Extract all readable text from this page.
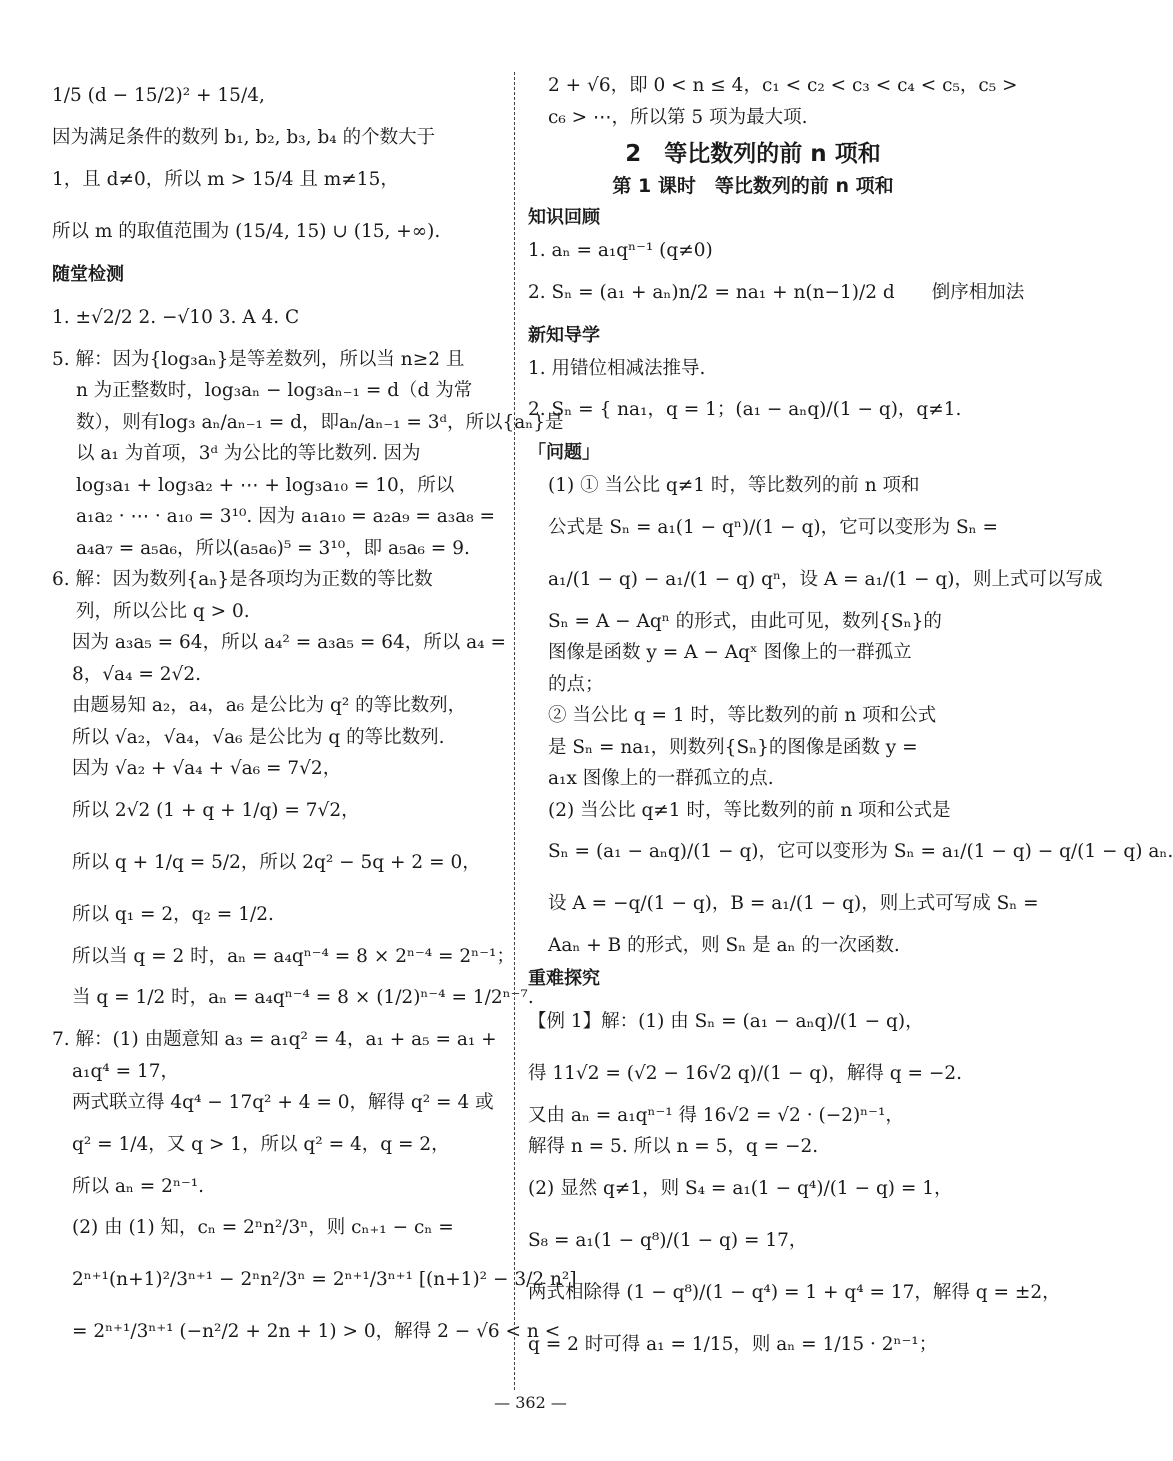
1/5 (d − 15/2)² + 15/4,
因为满足条件的数列 b₁, b₂, b₃, b₄ 的个数大于
1，且 d≠0，所以 m > 15/4 且 m≠15，
所以 m 的取值范围为 (15/4, 15) ∪ (15, +∞).
随堂检测
1. ±√2/2 2. −√10 3. A 4. C
5. 解：因为{log₃aₙ}是等差数列，所以当 n≥2 且
n 为正整数时，log₃aₙ − log₃aₙ₋₁ = d（d 为常
数），则有log₃ aₙ/aₙ₋₁ = d，即aₙ/aₙ₋₁ = 3ᵈ，所以{aₙ}是
以 a₁ 为首项，3ᵈ 为公比的等比数列. 因为
log₃a₁ + log₃a₂ + ⋯ + log₃a₁₀ = 10，所以
a₁a₂ · ⋯ · a₁₀ = 3¹⁰. 因为 a₁a₁₀ = a₂a₉ = a₃a₈ =
a₄a₇ = a₅a₆，所以(a₅a₆)⁵ = 3¹⁰，即 a₅a₆ = 9.
6. 解：因为数列{aₙ}是各项均为正数的等比数
列，所以公比 q > 0.
因为 a₃a₅ = 64，所以 a₄² = a₃a₅ = 64，所以 a₄ =
8，√a₄ = 2√2.
由题易知 a₂，a₄，a₆ 是公比为 q² 的等比数列，
所以 √a₂，√a₄，√a₆ 是公比为 q 的等比数列.
因为 √a₂ + √a₄ + √a₆ = 7√2，
所以 2√2 (1 + q + 1/q) = 7√2，
所以 q + 1/q = 5/2，所以 2q² − 5q + 2 = 0，
所以 q₁ = 2，q₂ = 1/2.
所以当 q = 2 时，aₙ = a₄qⁿ⁻⁴ = 8 × 2ⁿ⁻⁴ = 2ⁿ⁻¹；
当 q = 1/2 时，aₙ = a₄qⁿ⁻⁴ = 8 × (1/2)ⁿ⁻⁴ = 1/2ⁿ⁻⁷.
7. 解：(1) 由题意知 a₃ = a₁q² = 4，a₁ + a₅ = a₁ +
a₁q⁴ = 17，
两式联立得 4q⁴ − 17q² + 4 = 0，解得 q² = 4 或
q² = 1/4，又 q > 1，所以 q² = 4，q = 2，
所以 aₙ = 2ⁿ⁻¹.
(2) 由 (1) 知，cₙ = 2ⁿn²/3ⁿ，则 cₙ₊₁ − cₙ =
2ⁿ⁺¹(n+1)²/3ⁿ⁺¹ − 2ⁿn²/3ⁿ = 2ⁿ⁺¹/3ⁿ⁺¹ [(n+1)² − 3/2 n²]
= 2ⁿ⁺¹/3ⁿ⁺¹ (−n²/2 + 2n + 1) > 0，解得 2 − √6 < n <
2 + √6，即 0 < n ≤ 4，c₁ < c₂ < c₃ < c₄ < c₅，c₅ >
c₆ > ⋯，所以第 5 项为最大项.
2　等比数列的前 n 项和
第 1 课时　等比数列的前 n 项和
知识回顾
1. aₙ = a₁qⁿ⁻¹ (q≠0)
2. Sₙ = (a₁ + aₙ)n/2 = na₁ + n(n−1)/2 d　　倒序相加法
新知导学
1. 用错位相减法推导.
2. Sₙ = { na₁，q = 1；(a₁ − aₙq)/(1 − q)，q≠1.
「问题」
(1) ① 当公比 q≠1 时，等比数列的前 n 项和
公式是 Sₙ = a₁(1 − qⁿ)/(1 − q)，它可以变形为 Sₙ =
a₁/(1 − q) − a₁/(1 − q) qⁿ，设 A = a₁/(1 − q)，则上式可以写成
Sₙ = A − Aqⁿ 的形式，由此可见，数列{Sₙ}的
图像是函数 y = A − Aqˣ 图像上的一群孤立
的点；
② 当公比 q = 1 时，等比数列的前 n 项和公式
是 Sₙ = na₁，则数列{Sₙ}的图像是函数 y =
a₁x 图像上的一群孤立的点.
(2) 当公比 q≠1 时，等比数列的前 n 项和公式是
Sₙ = (a₁ − aₙq)/(1 − q)，它可以变形为 Sₙ = a₁/(1 − q) − q/(1 − q) aₙ.
设 A = −q/(1 − q)，B = a₁/(1 − q)，则上式可写成 Sₙ =
Aaₙ + B 的形式，则 Sₙ 是 aₙ 的一次函数.
重难探究
【例 1】解：(1) 由 Sₙ = (a₁ − aₙq)/(1 − q)，
得 11√2 = (√2 − 16√2 q)/(1 − q)，解得 q = −2.
又由 aₙ = a₁qⁿ⁻¹ 得 16√2 = √2 · (−2)ⁿ⁻¹，
解得 n = 5. 所以 n = 5，q = −2.
(2) 显然 q≠1，则 S₄ = a₁(1 − q⁴)/(1 − q) = 1，
S₈ = a₁(1 − q⁸)/(1 − q) = 17，
两式相除得 (1 − q⁸)/(1 − q⁴) = 1 + q⁴ = 17，解得 q = ±2，
q = 2 时可得 a₁ = 1/15，则 aₙ = 1/15 · 2ⁿ⁻¹；
— 362 —
